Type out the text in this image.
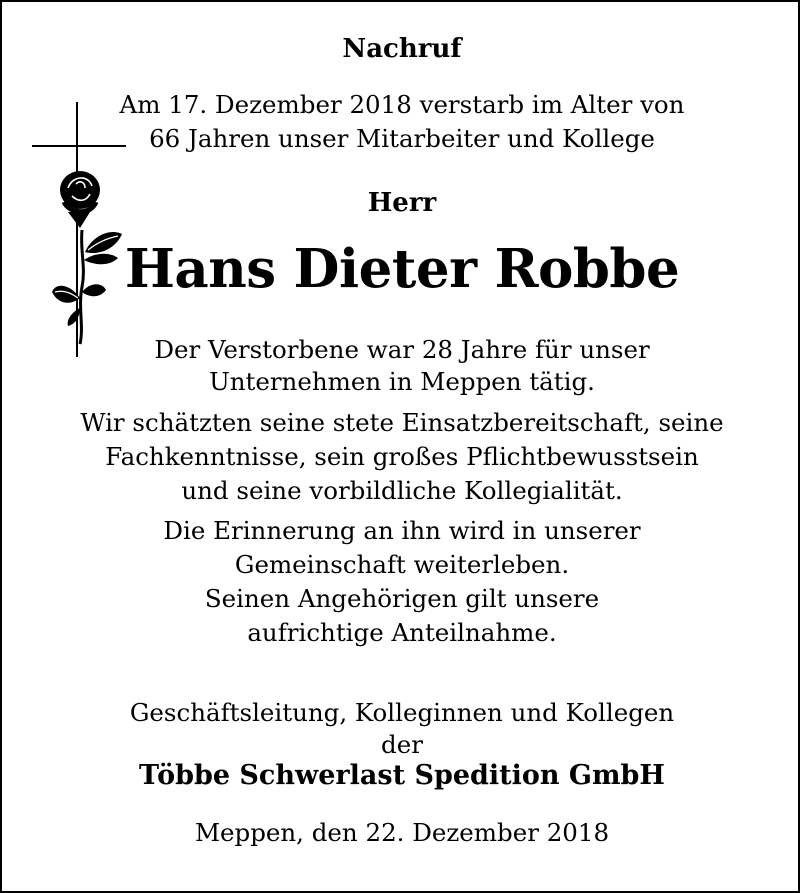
Nachruf
Am 17. Dezember 2018 verstarb im Alter von
66 Jahren unser Mitarbeiter und Kollege
Herr
Hans Dieter Robbe
Der Verstorbene war 28 Jahre für unser
Unternehmen in Meppen tätig.
Wir schätzten seine stete Einsatzbereitschaft, seine
Fachkenntnisse, sein großes Pflichtbewusstsein
und seine vorbildliche Kollegialität.
Die Erinnerung an ihn wird in unserer
Gemeinschaft weiterleben.
Seinen Angehörigen gilt unsere
aufrichtige Anteilnahme.
Geschäftsleitung, Kolleginnen und Kollegen
der
Többe Schwerlast Spedition GmbH
Meppen, den 22. Dezember 2018
